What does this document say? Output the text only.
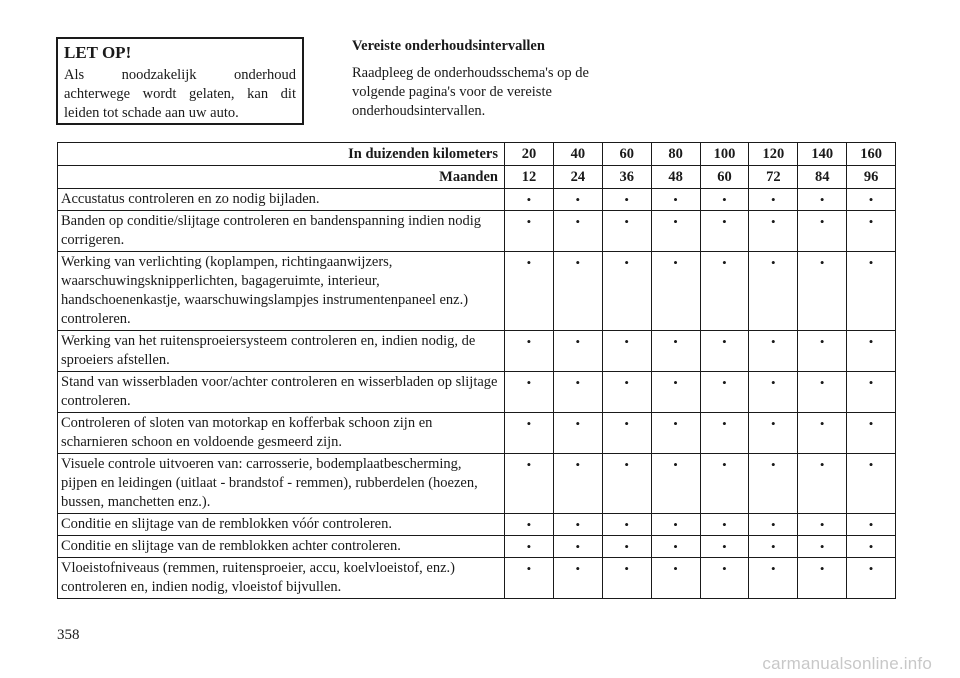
LET OP!

Als noodzakelijk onderhoud achterwege wordt gelaten, kan dit leiden tot schade aan uw auto.

Vereiste onderhoudsintervallen

Raadpleeg de onderhoudsschema's op de volgende pagina's voor de vereiste onderhoudsintervallen.

In duizenden kilometers	20	40	60	80	100	120	140	160
Maanden	12	24	36	48	60	72	84	96
Accustatus controleren en zo nodig bijladen.	•	•	•	•	•	•	•	•
Banden op conditie/slijtage controleren en bandenspanning indien nodig corrigeren.	•	•	•	•	•	•	•	•
Werking van verlichting (koplampen, richtingaanwijzers, waarschuwingsknipperlichten, bagageruimte, interieur, handschoenenkastje, waarschuwingslampjes instrumentenpaneel enz.) controleren.	•	•	•	•	•	•	•	•
Werking van het ruitensproeiersysteem controleren en, indien nodig, de sproeiers afstellen.	•	•	•	•	•	•	•	•
Stand van wisserbladen voor/achter controleren en wisserbladen op slijtage controleren.	•	•	•	•	•	•	•	•
Controleren of sloten van motorkap en kofferbak schoon zijn en scharnieren schoon en voldoende gesmeerd zijn.	•	•	•	•	•	•	•	•
Visuele controle uitvoeren van: carrosserie, bodemplaatbescherming, pijpen en leidingen (uitlaat - brandstof - remmen), rubberdelen (hoezen, bussen, manchetten enz.).	•	•	•	•	•	•	•	•
Conditie en slijtage van de remblokken vóór controleren.	•	•	•	•	•	•	•	•
Conditie en slijtage van de remblokken achter controleren.	•	•	•	•	•	•	•	•
Vloeistofniveaus (remmen, ruitensproeier, accu, koelvloeistof, enz.) controleren en, indien nodig, vloeistof bijvullen.	•	•	•	•	•	•	•	•
358
carmanualsonline.info
